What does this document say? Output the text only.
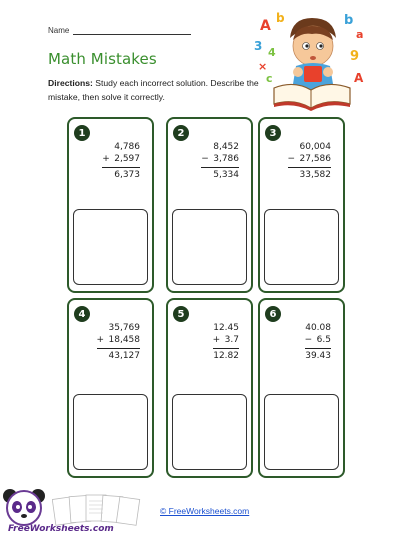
Name
Math Mistakes
Directions: Study each incorrect solution. Describe the mistake, then solve it correctly.
A b	b
a
3 4	9
×
c	A
1
4,786
+ 2,597
6,373
2
8,452
− 3,786
5,334
3
60,004
− 27,586
33,582
4
35,769
+ 18,458
43,127
5
12.45
+ 3.7
12.82
6
40.08
− 6.5
39.43
FreeWorksheets.com
© FreeWorksheets.com
